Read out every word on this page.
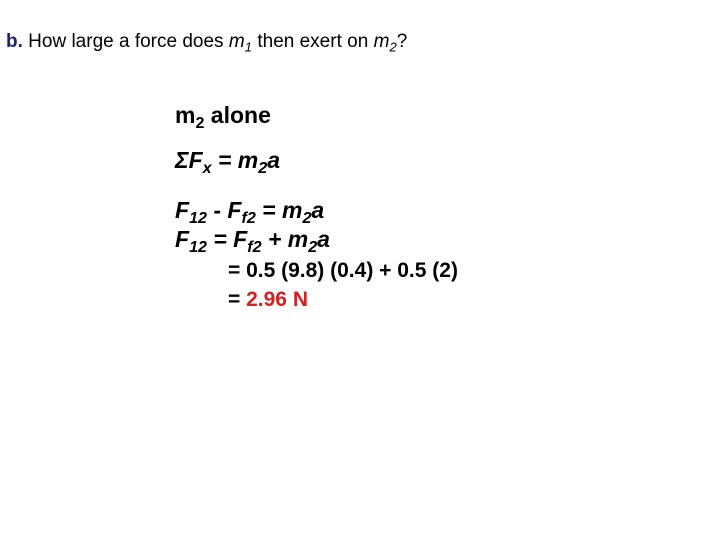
b. How large a force does $m_1$ then exert on $m_2$?
$m_2$ alone
$\Sigma F_x = m_2a$
$F_{12} - F_{f2} = m_2a$
$F_{12} = F_{f2} + m_2a$
= 0.5 (9.8) (0.4) + 0.5 (2)
= 2.96 N
